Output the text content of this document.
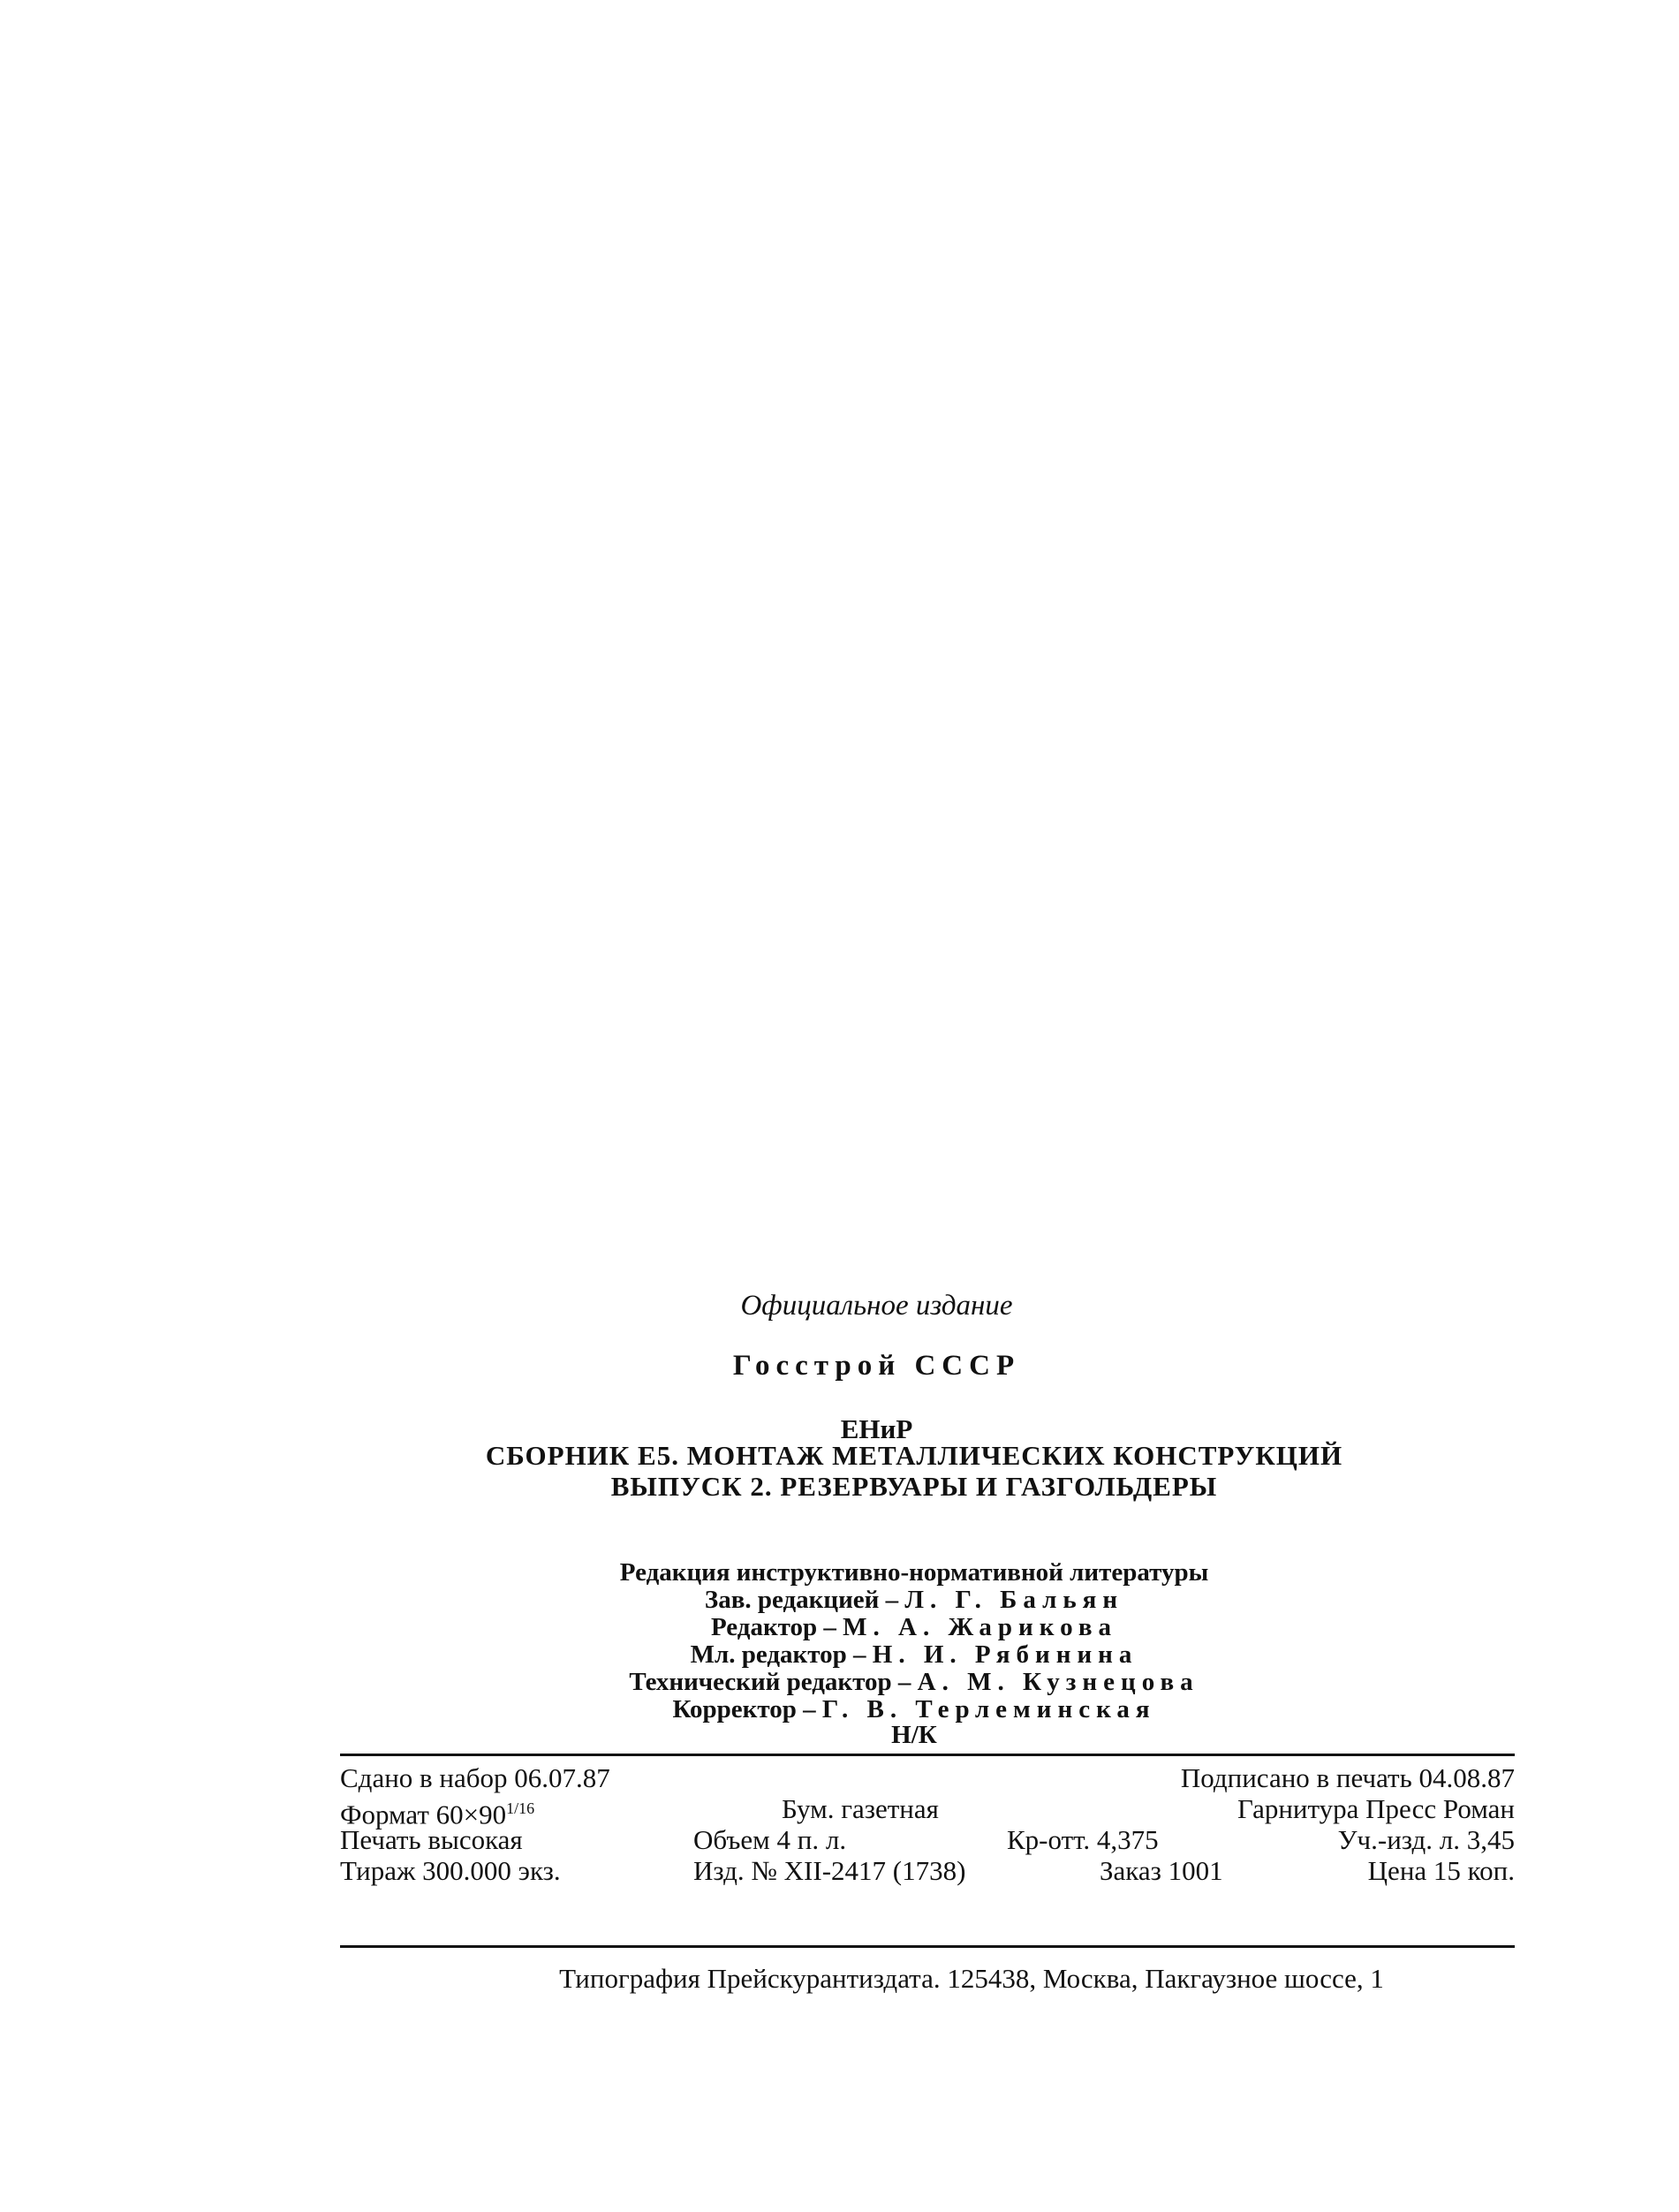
Официальное издание
Госстрой СССР
ЕНиР
СБОРНИК Е5. МОНТАЖ МЕТАЛЛИЧЕСКИХ КОНСТРУКЦИЙ
ВЫПУСК 2. РЕЗЕРВУАРЫ И ГАЗГОЛЬДЕРЫ
Редакция инструктивно-нормативной литературы
Зав. редакцией – Л. Г. Бальян
Редактор – М. А. Жарикова
Мл. редактор – Н. И. Рябинина
Технический редактор – А. М. Кузнецова
Корректор – Г. В. Терлеминская
Н/К
Сдано в набор 06.07.87	Подписано в печать 04.08.87
Формат $60\times 90^{1/16}$	Бум. газетная	Гарнитура Пресс Роман
Печать высокая	Объем 4 п. л.	Кр-отт. 4,375	Уч.-изд. л. 3,45
Тираж 300.000 экз.	Изд. № XII-2417 (1738)	Заказ 1001	Цена 15 коп.
Типография Прейскурантиздата. 125438, Москва, Пакгаузное шоссе, 1
